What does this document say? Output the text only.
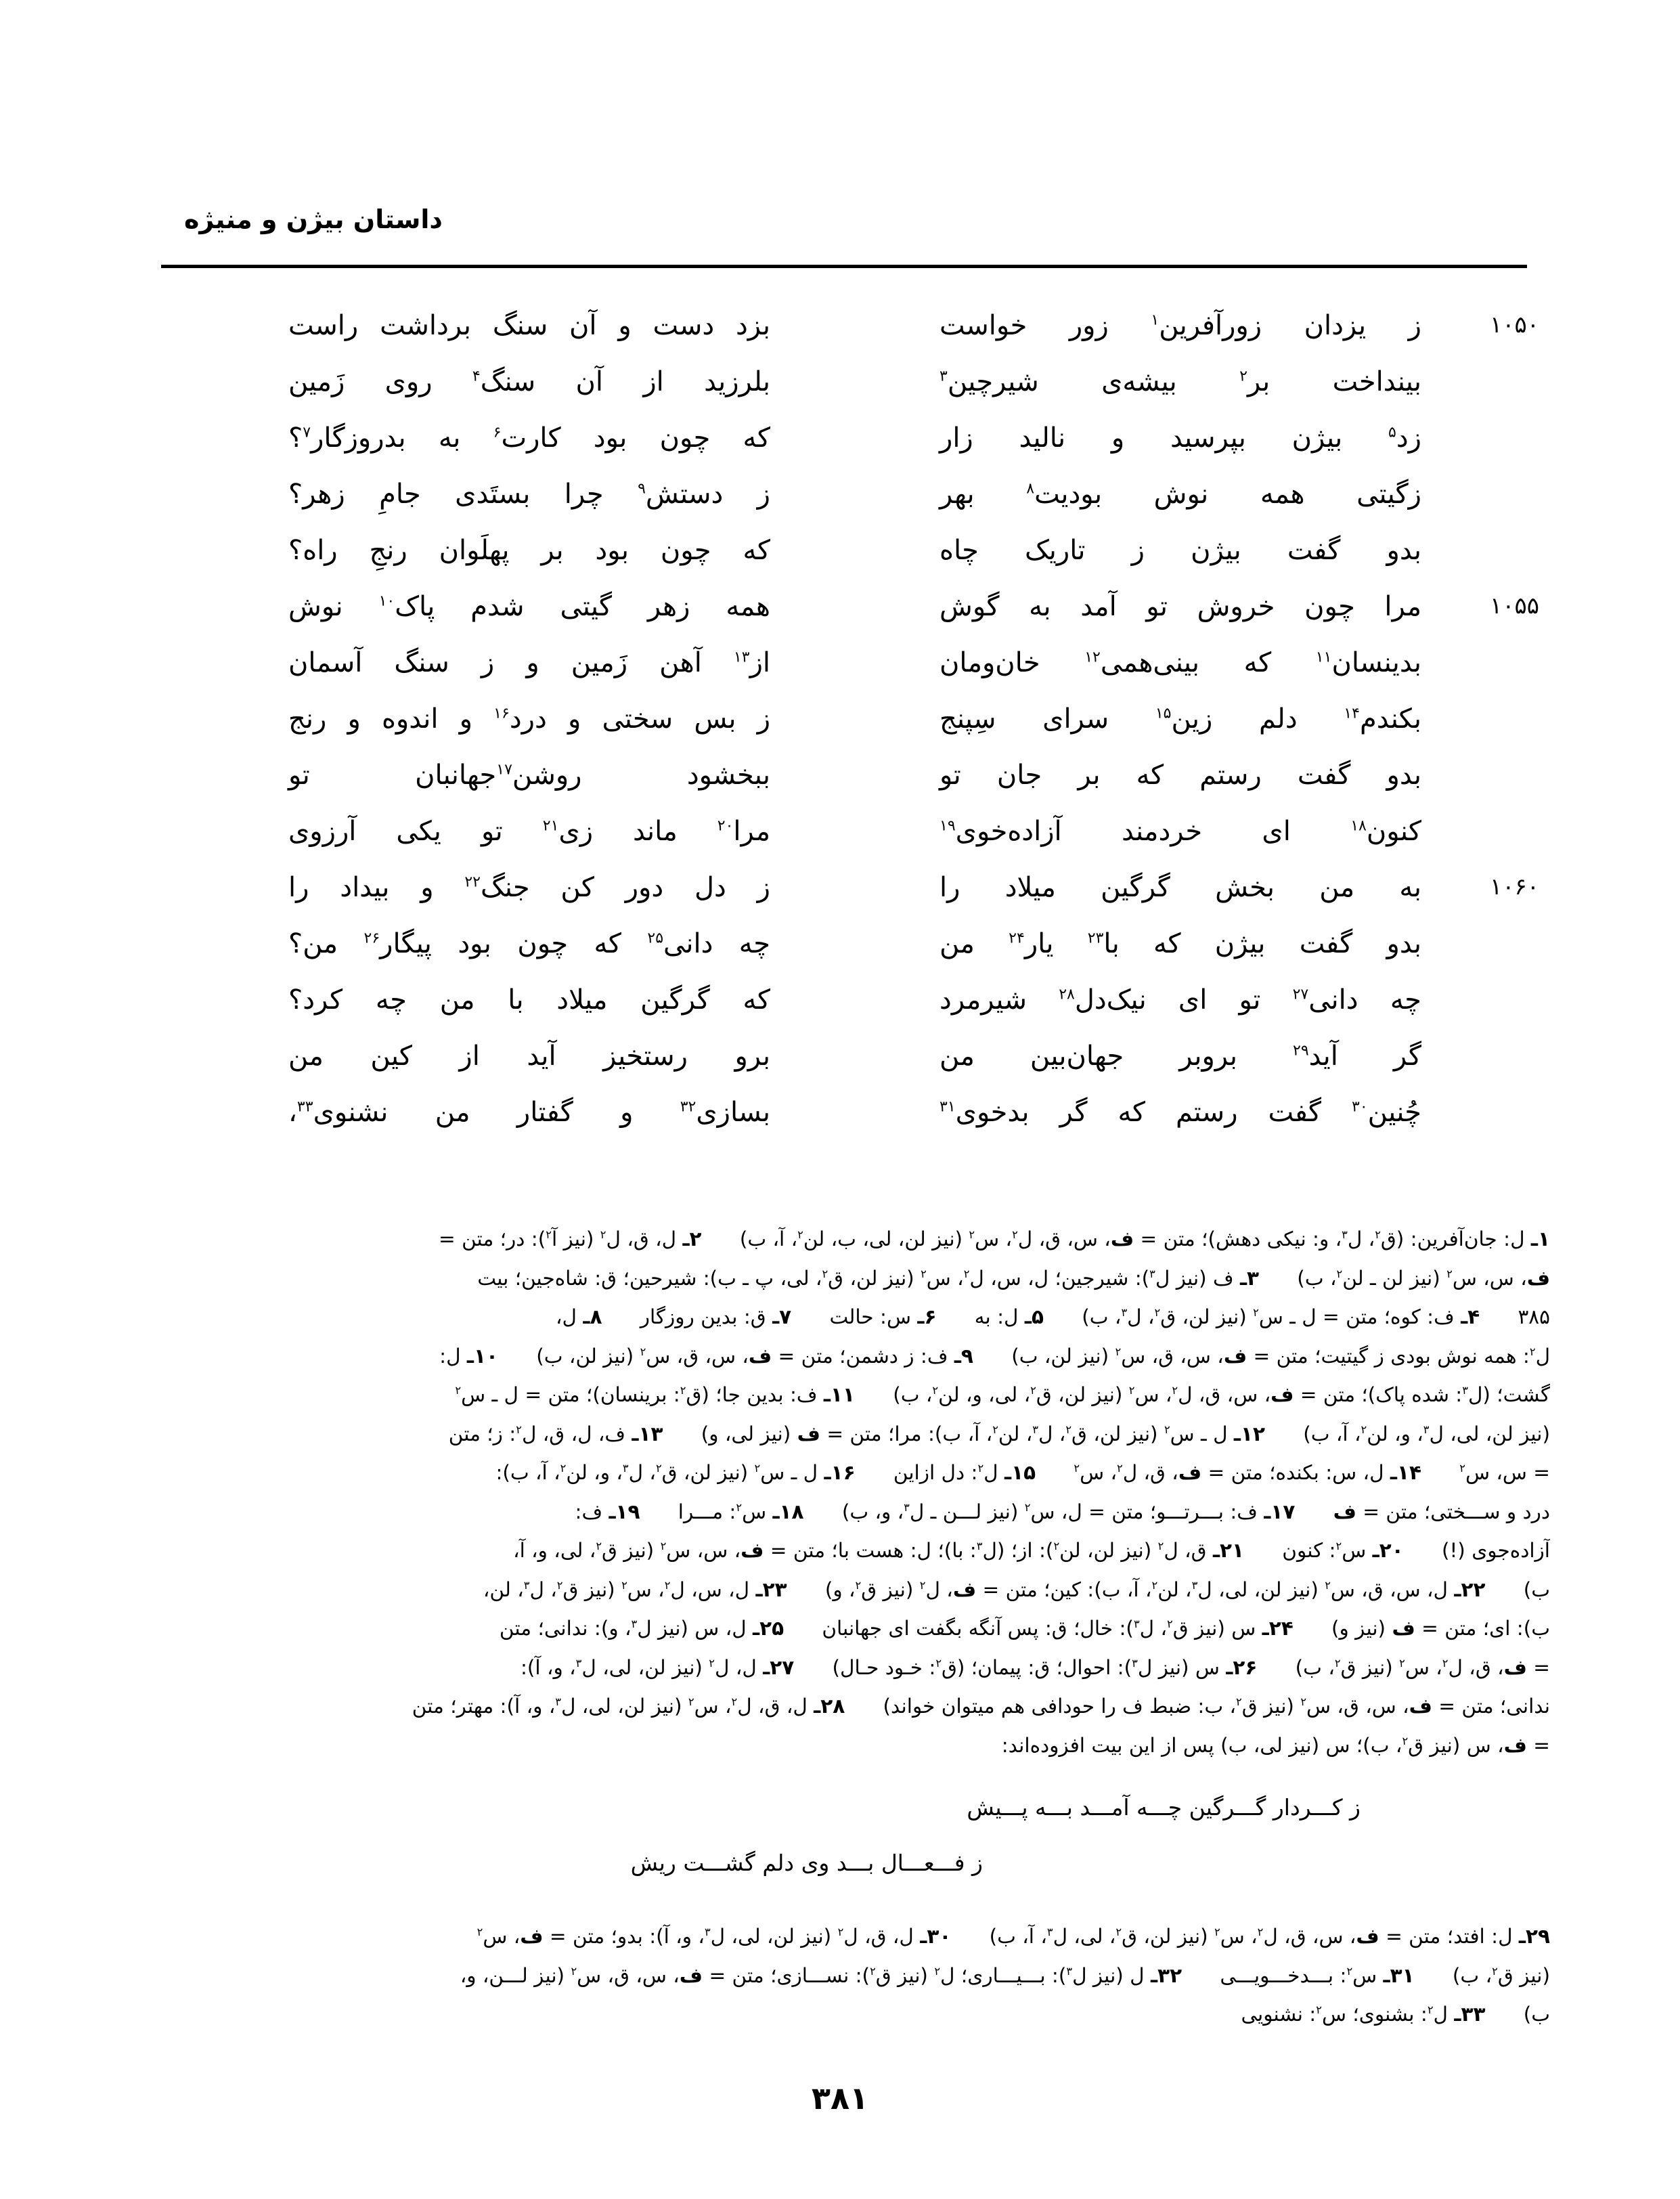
داستان بیژن و منیژه
۱۰۵۰
ز یزدان زورآفرین$^۱$ زور خواست
بزد دست و آن سنگ برداشت راست
بینداخت بر$^۲$ بیشه‌ی شیرچین$^۳$
بلرزید از آن سنگ$^۴$ روی زَمین
زد$^۵$ بیژن بپرسید و نالید زار
که چون بود کارت$^۶$ به بدروزگار$^۷$؟
زگیتی همه نوش بودیت$^۸$ بهر
ز دستش$^۹$ چرا بستَدی جامِ زهر؟
بدو گفت بیژن ز تاریک چاه
که چون بود بر پهلَوان رنجِ راه؟
۱۰۵۵
مرا چون خروش تو آمد به گوش
همه زهر گیتی شدم پاک$^{۱۰}$ نوش
بدینسان$^{۱۱}$ که بینی‌همی$^{۱۲}$ خان‌ومان
از$^{۱۳}$ آهن زَمین و ز سنگ آسمان
بکندم$^{۱۴}$ دلم زین$^{۱۵}$ سرای سِپنج
ز بس سختی و درد$^{۱۶}$ و اندوه و رنج
بدو گفت رستم که بر جان تو
ببخشود روشن$^{۱۷}$جهانبان تو
کنون$^{۱۸}$ ای خردمند آزاده‌خوی$^{۱۹}$
مرا$^{۲۰}$ ماند زی$^{۲۱}$ تو یکی آرزوی
۱۰۶۰
به من بخش گرگین میلاد را
ز دل دور کن جنگ$^{۲۲}$ و بیداد را
بدو گفت بیژن که با$^{۲۳}$ یار$^{۲۴}$ من
چه دانی$^{۲۵}$ که چون بود پیگار$^{۲۶}$ من؟
چه دانی$^{۲۷}$ تو ای نیک‌دل$^{۲۸}$ شیرمرد
که گرگین میلاد با من چه کرد؟
گر آید$^{۲۹}$ بروبر جهان‌بین من
برو رستخیز آید از کین من
چُنین$^{۳۰}$ گفت رستم که گر بدخوی$^{۳۱}$
بسازی$^{۳۲}$ و گفتار من نشنوی$^{۳۳}$،
۱ـ ل: جان‌آفرین: (ق$^۲$، ل$^۳$، و: نیکی دهش)؛ متن = ف، س، ق، ل$^۲$، س$^۲$ (نیز لن، لی، ب، لن$^۲$، آ، ب)      ۲ـ ل، ق، ل$^۲$ (نیز آ$^۲$): در؛ متن =
ف، س، س$^۲$ (نیز لن ـ لن$^۲$، ب)      ۳ـ ف (نیز ل$^۳$): شیرجین؛ ل، س، ل$^۲$، س$^۲$ (نیز لن، ق$^۲$، لی، پ ـ ب): شیرحین؛ ق: شاه‌جین؛ بیت
۳۸۵      ۴ـ ف: کوه؛ متن = ل ـ س$^۲$ (نیز لن، ق$^۲$، ل$^۳$، ب)      ۵ـ ل: به      ۶ـ س: حالت      ۷ـ ق: بدین روزگار      ۸ـ ل،
ل$^۲$: همه نوش بودی ز گیتیت؛ متن = ف، س، ق، س$^۲$ (نیز لن، ب)      ۹ـ ف: ز دشمن؛ متن = ف، س، ق، س$^۲$ (نیز لن، ب)      ۱۰ـ ل:
گشت؛ (ل$^۳$: شده پاک)؛ متن = ف، س، ق، ل$^۲$، س$^۲$ (نیز لن، ق$^۲$، لی، و، لن$^۲$، ب)      ۱۱ـ ف: بدین جا؛ (ق$^۲$: برینسان)؛ متن = ل ـ س$^۲$
(نیز لن، لی، ل$^۳$، و، لن$^۲$، آ، ب)      ۱۲ـ ل ـ س$^۲$ (نیز لن، ق$^۲$، ل$^۳$، لن$^۲$، آ، ب): مرا؛ متن = ف (نیز لی، و)      ۱۳ـ ف، ل، ق، ل$^۲$: ز؛ متن
= س، س$^۲$      ۱۴ـ ل، س: بکنده؛ متن = ف، ق، ل$^۲$، س$^۲$      ۱۵ـ ل$^۲$: دل ازاین      ۱۶ـ ل ـ س$^۲$ (نیز لن، ق$^۲$، ل$^۳$، و، لن$^۲$، آ، ب):
درد و ســـختی؛ متن = ف      ۱۷ـ ف: بـــرتـــو؛ متن = ل، س$^۲$ (نیز لـــن ـ ل$^۳$، و، ب)      ۱۸ـ س$^۲$: مـــرا      ۱۹ـ ف:
آزاده‌جوی (!)      ۲۰ـ س$^۲$: کنون      ۲۱ـ ق، ل$^۲$ (نیز لن، لن$^۲$): از؛ (ل$^۳$: با)؛ ل: هست با؛ متن = ف، س، س$^۲$ (نیز ق$^۲$، لی، و، آ،
ب)      ۲۲ـ ل، س، ق، س$^۲$ (نیز لن، لی، ل$^۳$، لن$^۲$، آ، ب): کین؛ متن = ف، ل$^۲$ (نیز ق$^۲$، و)      ۲۳ـ ل، س، ل$^۲$، س$^۲$ (نیز ق$^۲$، ل$^۳$، لن،
ب): ای؛ متن = ف (نیز و)      ۲۴ـ س (نیز ق$^۲$، ل$^۳$): خال؛ ق: پس آنگه بگفت ای جهانبان      ۲۵ـ ل، س (نیز ل$^۳$، و): ندانی؛ متن
= ف، ق، ل$^۲$، س$^۲$ (نیز ق$^۲$، ب)      ۲۶ـ س (نیز ل$^۳$): احوال؛ ق: پیمان؛ (ق$^۲$: خـود حـال)      ۲۷ـ ل، ل$^۲$ (نیز لن، لی، ل$^۳$، و، آ):
ندانی؛ متن = ف، س، ق، س$^۲$ (نیز ق$^۲$، ب: ضبط ف را حودافی هم میتوان خواند)      ۲۸ـ ل، ق، ل$^۲$، س$^۲$ (نیز لن، لی، ل$^۳$، و، آ): مهتر؛ متن
= ف، س (نیز ق$^۲$، ب)؛ س (نیز لی، ب) پس از این بیت افزوده‌اند:
ز کـــردار گـــرگین چـــه آمـــد بـــه پـــیش
ز فـــعـــال بـــد وی دلم گشـــت ریش
۲۹ـ ل: افتد؛ متن = ف، س، ق، ل$^۲$، س$^۲$ (نیز لن، ق$^۲$، لی، ل$^۳$، آ، ب)      ۳۰ـ ل، ق، ل$^۲$ (نیز لن، لی، ل$^۳$، و، آ): بدو؛ متن = ف، س$^۲$
(نیز ق$^۲$، ب)      ۳۱ـ س$^۲$: بـــدخـــویـــی      ۳۲ـ ل (نیز ل$^۳$): بـــیـــاری؛ ل$^۲$ (نیز ق$^۲$): نســـازی؛ متن = ف، س، ق، س$^۲$ (نیز لـــن، و،
ب)      ۳۳ـ ل$^۲$: بشنوی؛ س$^۲$: نشنویی
۳۸۱
